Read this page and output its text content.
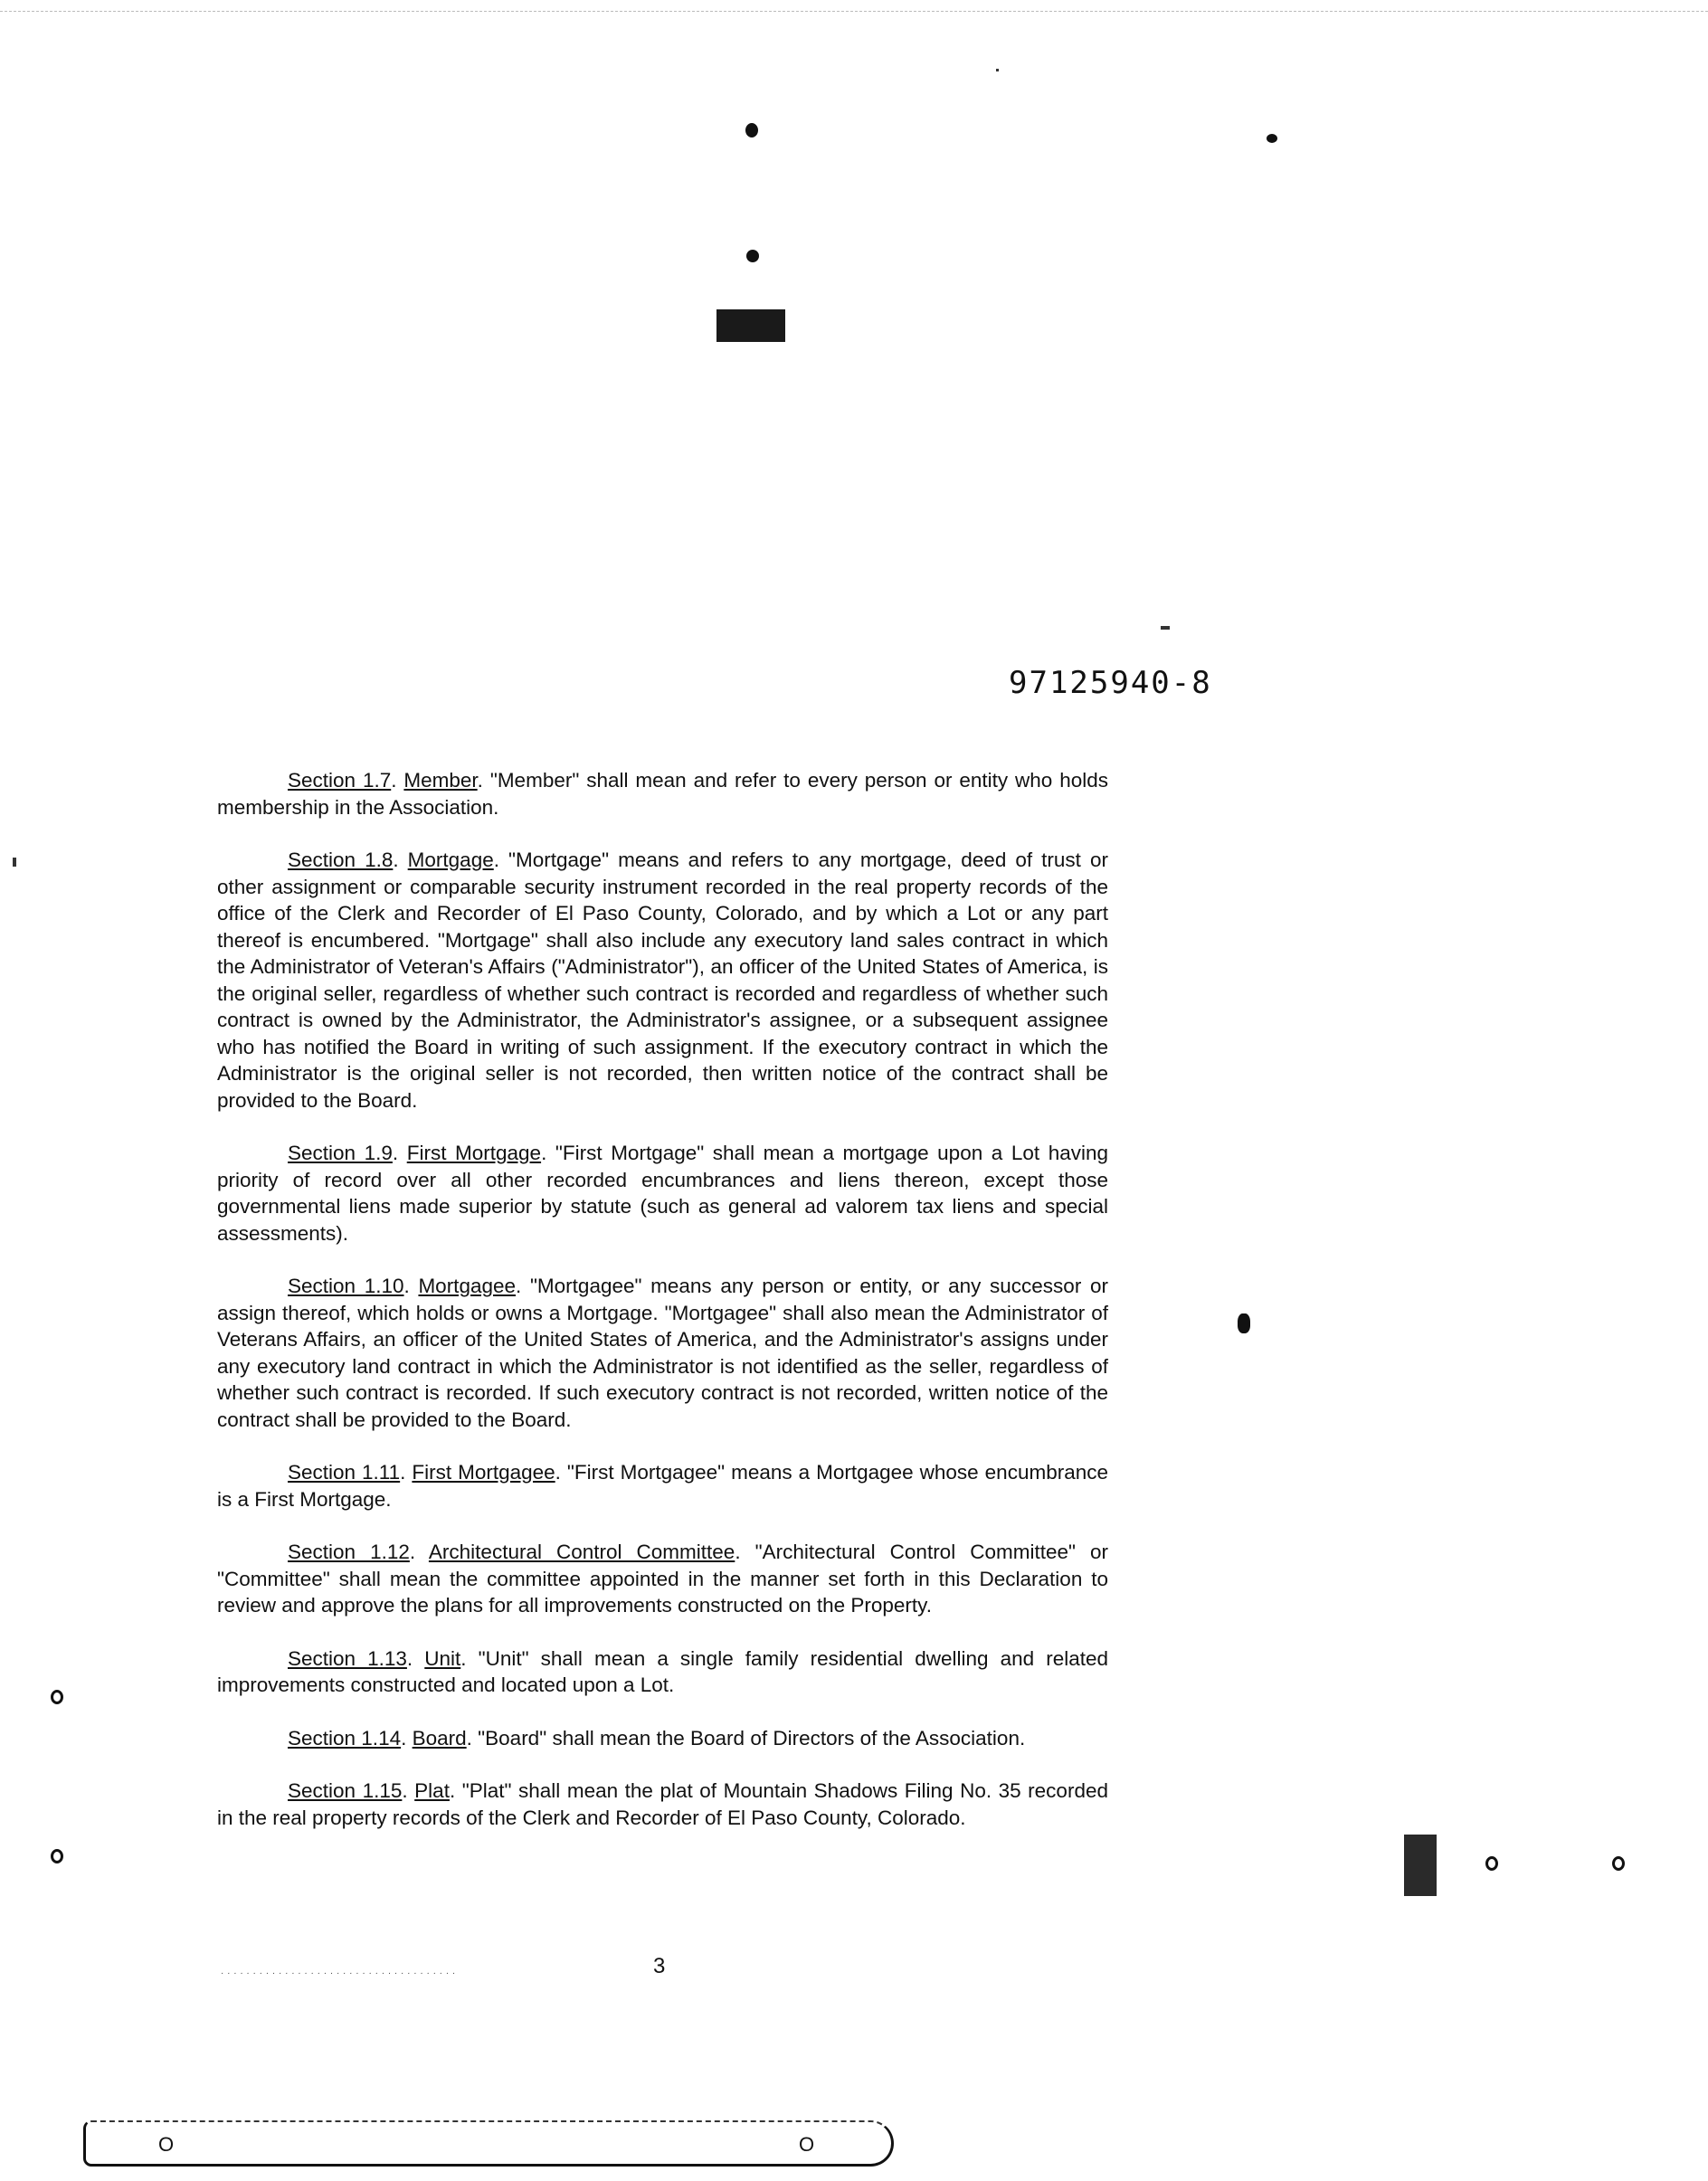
97125940-8

Section 1.7. Member. "Member" shall mean and refer to every person or entity who holds membership in the Association.

Section 1.8. Mortgage. "Mortgage" means and refers to any mortgage, deed of trust or other assignment or comparable security instrument recorded in the real property records of the office of the Clerk and Recorder of El Paso County, Colorado, and by which a Lot or any part thereof is encumbered. "Mortgage" shall also include any executory land sales contract in which the Administrator of Veteran's Affairs ("Administrator"), an officer of the United States of America, is the original seller, regardless of whether such contract is recorded and regardless of whether such contract is owned by the Administrator, the Administrator's assignee, or a subsequent assignee who has notified the Board in writing of such assignment. If the executory contract in which the Administrator is the original seller is not recorded, then written notice of the contract shall be provided to the Board.

Section 1.9. First Mortgage. "First Mortgage" shall mean a mortgage upon a Lot having priority of record over all other recorded encumbrances and liens thereon, except those governmental liens made superior by statute (such as general ad valorem tax liens and special assessments).

Section 1.10. Mortgagee. "Mortgagee" means any person or entity, or any successor or assign thereof, which holds or owns a Mortgage. "Mortgagee" shall also mean the Administrator of Veterans Affairs, an officer of the United States of America, and the Administrator's assigns under any executory land contract in which the Administrator is not identified as the seller, regardless of whether such contract is recorded. If such executory contract is not recorded, written notice of the contract shall be provided to the Board.

Section 1.11. First Mortgagee. "First Mortgagee" means a Mortgagee whose encumbrance is a First Mortgage.

Section 1.12. Architectural Control Committee. "Architectural Control Committee" or "Committee" shall mean the committee appointed in the manner set forth in this Declaration to review and approve the plans for all improvements constructed on the Property.

Section 1.13. Unit. "Unit" shall mean a single family residential dwelling and related improvements constructed and located upon a Lot.

Section 1.14. Board. "Board" shall mean the Board of Directors of the Association.

Section 1.15. Plat. "Plat" shall mean the plat of Mountain Shadows Filing No. 35 recorded in the real property records of the Clerk and Recorder of El Paso County, Colorado.

· · · · · · · · · · · · · · · · · · · · · · · · · · · · · · · · · · · · ·	3
O	O
